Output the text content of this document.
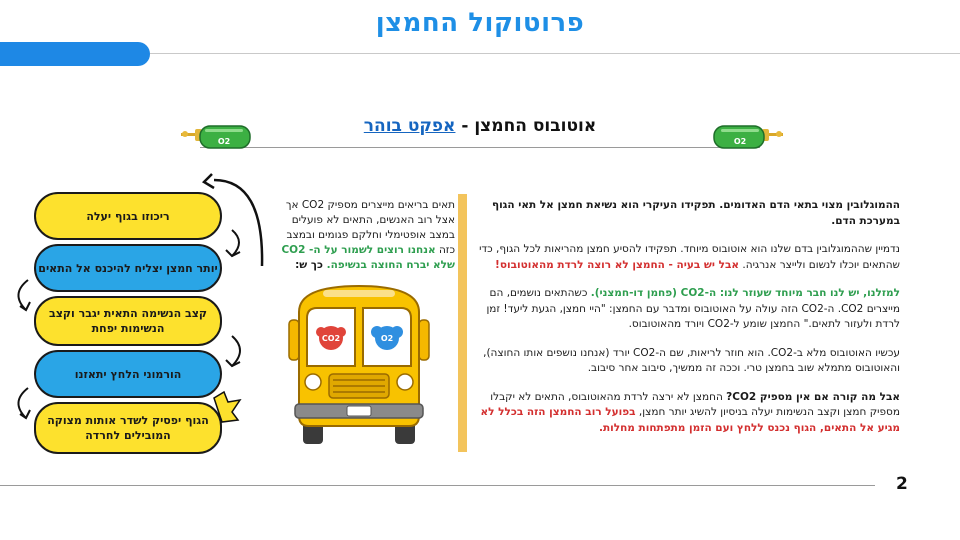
פרוטוקול החמצן
O2	O2
אוטובוס החמצן - אפקט בוהר

ההמוגלובין מצוי בתאי הדם האדומים. תפקידו העיקרי הוא נשיאת חמצן אל תאי הגוף במערכת הדם.

נדמיין שההמוגלובין בדם שלנו הוא אוטובוס מיוחד. תפקידו להסיע חמצן מהריאות לכל הגוף, כדי שהתאים יוכלו לנשום ולייצר אנרגיה. אבל יש בעיה - החמצן לא רוצה לרדת מהאוטובוס!

למזלנו, יש לנו חבר מיוחד שעוזר לנו: ה-CO2 (פחמן דו-חמצני). כשהתאים נושמים, הם מייצרים CO2. ה-CO2 הזה עולה על האוטובוס ומדבר עם החמצן: "היי חמצן, הגעת ליעד! זמן לרדת ולעזור לתאים." החמצן שומע ל-CO2 ויורד מהאוטובוס.

עכשיו האוטובוס מלא ב-CO2. הוא חוזר לריאות, שם ה-CO2 יורד (אנחנו נושפים אותו החוצה), והאוטובוס מתמלא שוב בחמצן טרי. וככה זה ממשיך, סיבוב אחר סיבוב.

אבל מה קורה אם אין מספיק CO2? החמצן לא ירצה לרדת מהאוטובוס, התאים לא יקבלו מספיק חמצן וקצב הנשימות יעלה בניסיון להשיג יותר חמצן, בפועל רוב החמצן הזה בכלל לא מגיע אל התאים, הגוף נכנס ללחץ ועם הזמן מתפתחות מחלות.

תאים בריאים מייצרים מספיק CO2 אך אצל רוב האנשים, התאים לא פועלים במצב אופטימלי וחלקם פגומים ובמצב כזה אנחנו רוצים לשמור על ה- CO2 שלא יברח החוצה בנשיפה. כך ש:
CO2	O2
ריכוזו בגוף יעלה
יותר חמצן יצליח להיכנס אל התאים
קצב הנשימה התאית יגבר וקצב הנשימות יפחת
הורמוני הלחץ יתאזנו
הגוף יפסיק לשדר אותות מצוקה המובילים לחרדה
2
